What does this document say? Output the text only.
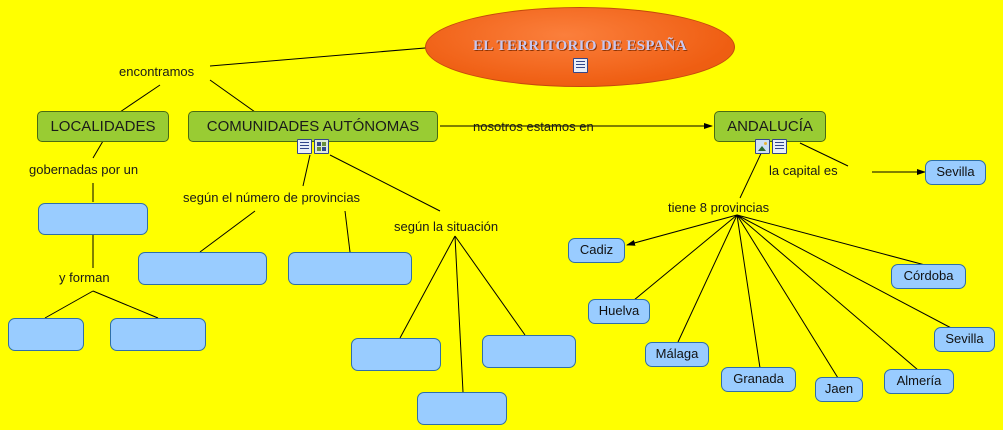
EL TERRITORIO DE ESPAÑA
LOCALIDADES	COMUNIDADES AUTÓNOMAS	ANDALUCÍA
Sevilla
Cadiz
Huelva
Málaga
Granada
Jaen
Almería
Sevilla
Córdoba
encontramos
gobernadas por un
y forman
según el número de provincias
según la situación
nosotros estamos en
la capital es
tiene 8 provincias
